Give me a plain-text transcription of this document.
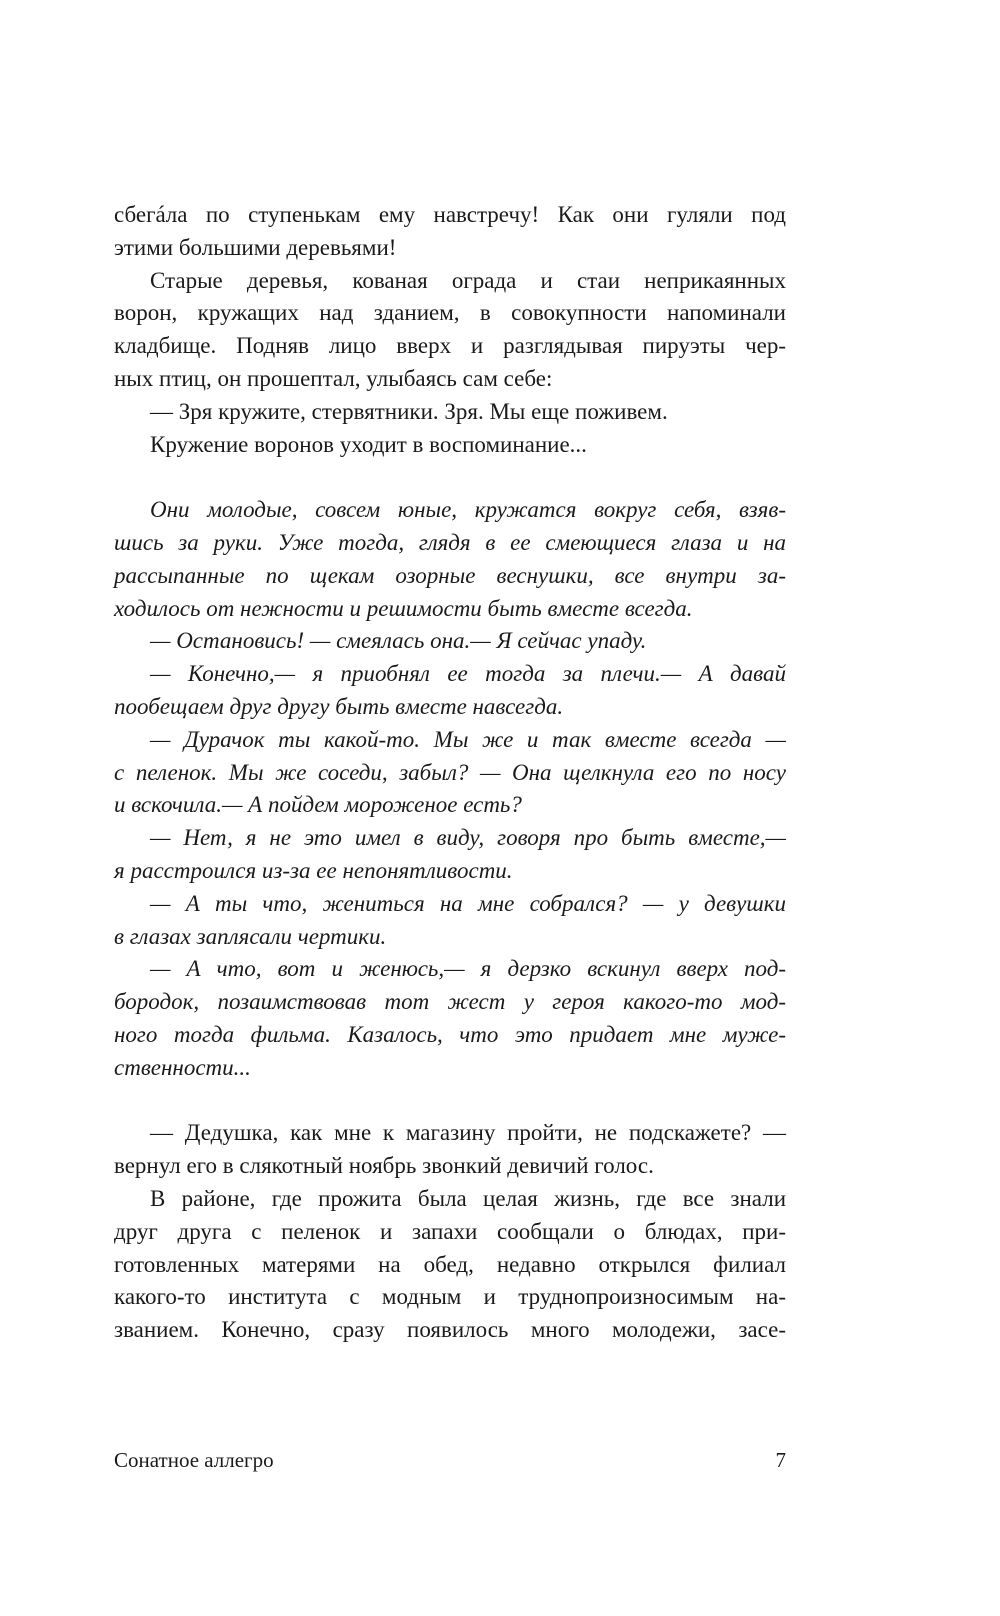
сбегáла по ступенькам ему навстречу! Как они гуляли под
этими большими деревьями!

Старые деревья, кованая ограда и стаи неприкаянных
ворон, кружащих над зданием, в совокупности напоминали
кладбище. Подняв лицо вверх и разглядывая пируэты чер-
ных птиц, он прошептал, улыбаясь сам себе:

— Зря кружите, стервятники. Зря. Мы еще поживем.

Кружение воронов уходит в воспоминание...

Они молодые, совсем юные, кружатся вокруг себя, взяв-
шись за руки. Уже тогда, глядя в ее смеющиеся глаза и на
рассыпанные по щекам озорные веснушки, все внутри за-
ходилось от нежности и решимости быть вместе всегда.

— Остановись! — смеялась она.— Я сейчас упаду.

— Конечно,— я приобнял ее тогда за плечи.— А давай
пообещаем друг другу быть вместе навсегда.

— Дурачок ты какой-то. Мы же и так вместе всегда —
с пеленок. Мы же соседи, забыл? — Она щелкнула его по носу
и вскочила.— А пойдем мороженое есть?

— Нет, я не это имел в виду, говоря про быть вместе,—
я расстроился из-за ее непонятливости.

— А ты что, жениться на мне собрался? — у девушки
в глазах заплясали чертики.

— А что, вот и женюсь,— я дерзко вскинул вверх под-
бородок, позаимствовав тот жест у героя какого-то мод-
ного тогда фильма. Казалось, что это придает мне муже-
ственности...

— Дедушка, как мне к магазину пройти, не подскажете? —
вернул его в слякотный ноябрь звонкий девичий голос.

В районе, где прожита была целая жизнь, где все знали
друг друга с пеленок и запахи сообщали о блюдах, при-
готовленных матерями на обед, недавно открылся филиал
какого-то института с модным и труднопроизносимым на-
званием. Конечно, сразу появилось много молодежи, засе-

Сонатное аллегро	7
